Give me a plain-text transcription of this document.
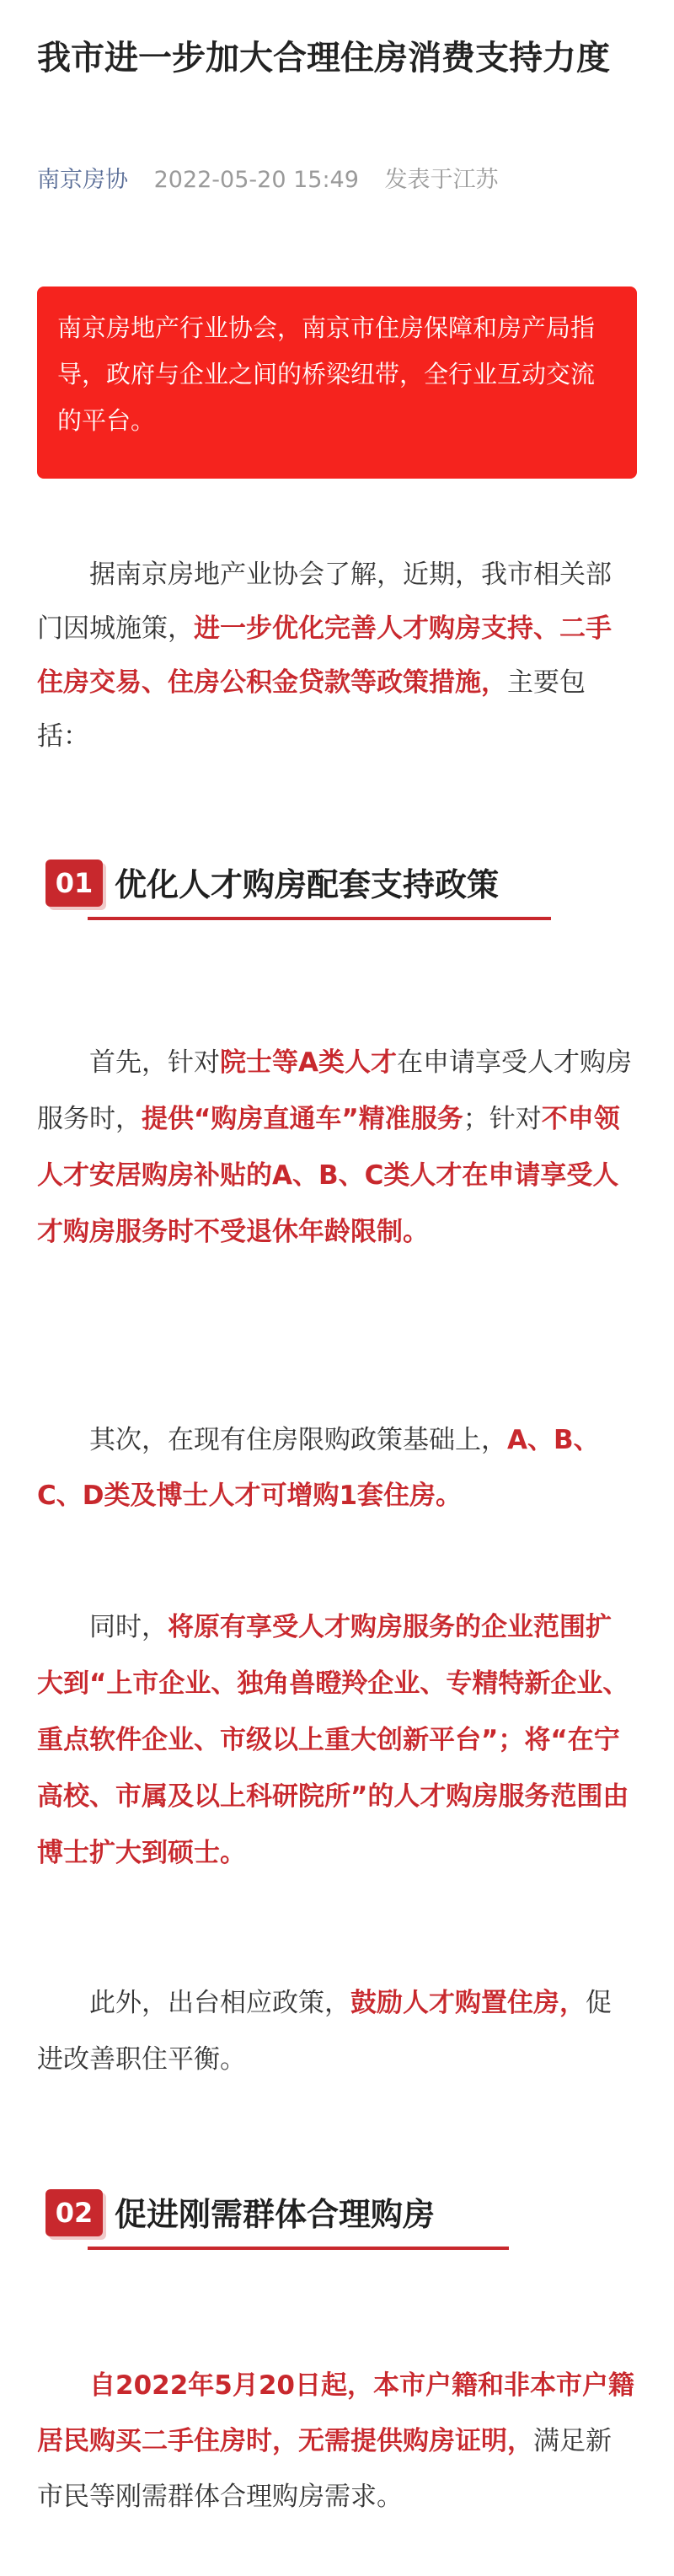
我市进一步加大合理住房消费支持力度
南京房协 2022-05-20 15:49 发表于江苏
南京房地产行业协会，南京市住房保障和房产局指导，政府与企业之间的桥梁纽带，全行业互动交流的平台。

据南京房地产业协会了解，近期，我市相关部门因城施策，进一步优化完善人才购房支持、二手住房交易、住房公积金贷款等政策措施，主要包括：

01 优化人才购房配套支持政策

首先，针对院士等A类人才在申请享受人才购房服务时，提供“购房直通车”精准服务；针对不申领人才安居购房补贴的A、B、C类人才在申请享受人才购房服务时不受退休年龄限制。

其次，在现有住房限购政策基础上，A、B、C、D类及博士人才可增购1套住房。

同时，将原有享受人才购房服务的企业范围扩大到“上市企业、独角兽瞪羚企业、专精特新企业、重点软件企业、市级以上重大创新平台”；将“在宁高校、市属及以上科研院所”的人才购房服务范围由博士扩大到硕士。

此外，出台相应政策，鼓励人才购置住房，促进改善职住平衡。

02 促进刚需群体合理购房

自2022年5月20日起，本市户籍和非本市户籍居民购买二手住房时，无需提供购房证明，满足新市民等刚需群体合理购房需求。
